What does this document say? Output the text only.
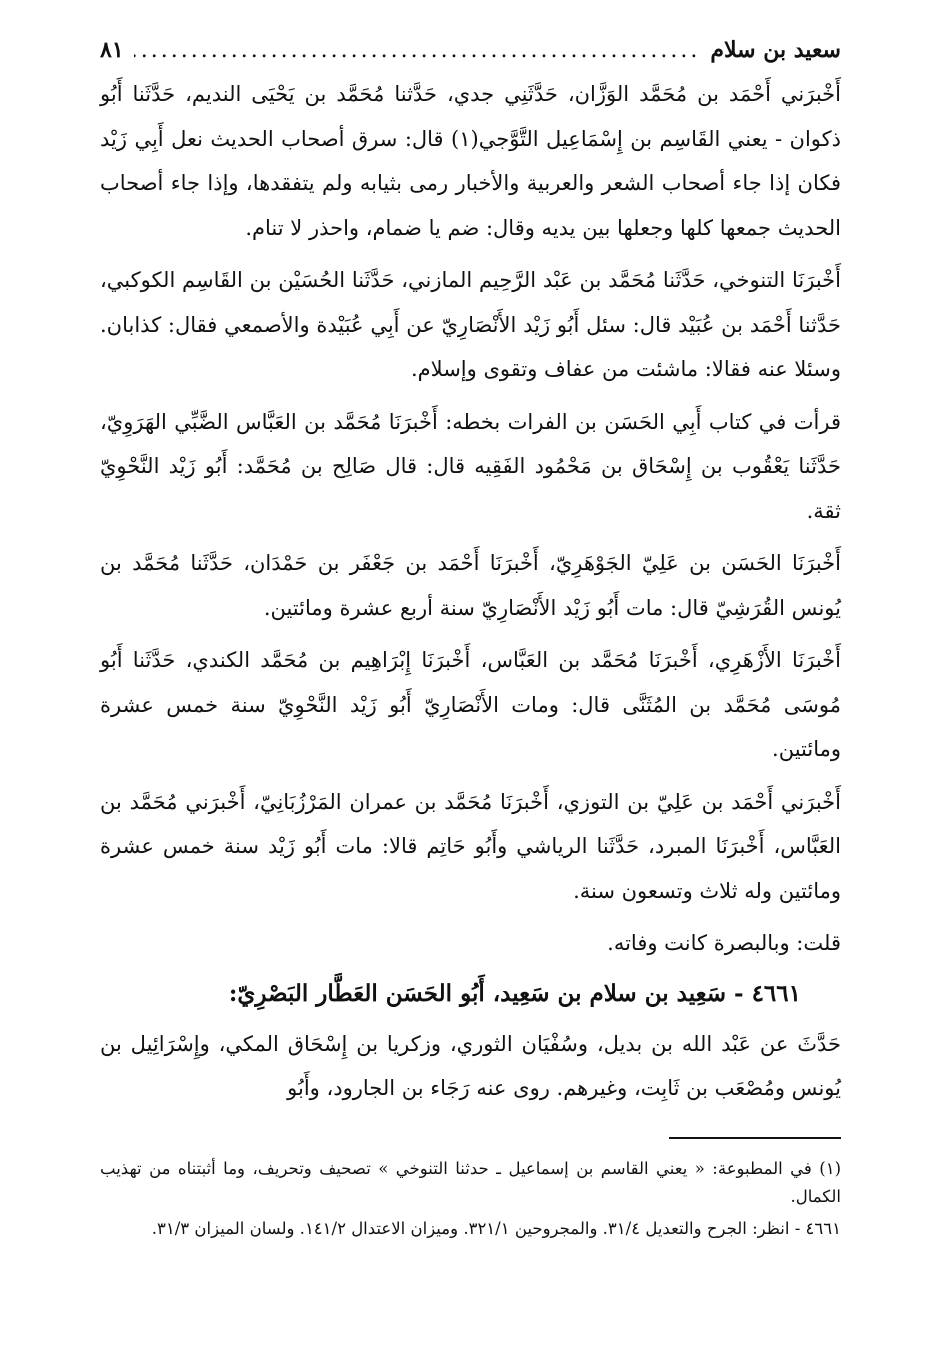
سعيد بن سلام
.....
٨١

أَخْبرَني أَحْمَد بن مُحَمَّد الوَزَّان، حَدَّثَنِي جدي، حَدَّثنا مُحَمَّد بن يَحْيَى النديم، حَدَّثَنا أَبُو ذكوان - يعني القَاسِم بن إِسْمَاعِيل التَّوَّجي(١) قال: سرق أصحاب الحديث نعل أَبِي زَيْد فكان إذا جاء أصحاب الشعر والعربية والأخبار رمى بثيابه ولم يتفقدها، وإذا جاء أصحاب الحديث جمعها كلها وجعلها بين يديه وقال: ضم يا ضمام، واحذر لا تنام.

أَخْبرَنَا التنوخي، حَدَّثَنا مُحَمَّد بن عَبْد الرَّحِيم المازني، حَدَّثَنا الحُسَيْن بن القَاسِم الكوكبي، حَدَّثنا أَحْمَد بن عُبَيْد قال: سئل أَبُو زَيْد الأَنْصَارِيّ عن أَبِي عُبَيْدة والأصمعي فقال: كذابان. وسئلا عنه فقالا: ماشئت من عفاف وتقوى وإسلام.

قرأت في كتاب أَبِي الحَسَن بن الفرات بخطه: أَخْبرَنَا مُحَمَّد بن العَبَّاس الضَّبِّي الهَرَوِيّ، حَدَّثَنا يَعْقُوب بن إِسْحَاق بن مَحْمُود الفَقِيه قال: قال صَالِح بن مُحَمَّد: أَبُو زَيْد النَّحْوِيّ ثقة.

أَخْبرَنَا الحَسَن بن عَلِيّ الجَوْهَرِيّ، أَخْبرَنَا أَحْمَد بن جَعْفَر بن حَمْدَان، حَدَّثَنا مُحَمَّد بن يُونس القُرَشِيّ قال: مات أَبُو زَيْد الأَنْصَارِيّ سنة أربع عشرة ومائتين.

أَخْبرَنَا الأَزْهَرِي، أَخْبرَنَا مُحَمَّد بن العَبَّاس، أَخْبرَنَا إِبْرَاهِيم بن مُحَمَّد الكندي، حَدَّثَنا أَبُو مُوسَى مُحَمَّد بن المُثَنَّى قال: ومات الأَنْصَارِيّ أَبُو زَيْد النَّحْوِيّ سنة خمس عشرة ومائتين.

أَخْبرَني أَحْمَد بن عَلِيّ بن التوزي، أَخْبرَنَا مُحَمَّد بن عمران المَرْزُبَانِيّ، أَخْبرَني مُحَمَّد بن العَبَّاس، أَخْبرَنَا المبرد، حَدَّثَنا الرياشي وأَبُو حَاتِم قالا: مات أَبُو زَيْد سنة خمس عشرة ومائتين وله ثلاث وتسعون سنة.

قلت: وبالبصرة كانت وفاته.

٤٦٦١ - سَعِيد بن سلام بن سَعِيد، أَبُو الحَسَن العَطَّار البَصْرِيّ:

حَدَّثَ عن عَبْد الله بن بديل، وسُفْيَان الثوري، وزكريا بن إِسْحَاق المكي، وإِسْرَائِيل بن يُونس ومُصْعَب بن ثَابِت، وغيرهم. روى عنه رَجَاء بن الجارود، وأَبُو

(١) في المطبوعة: « يعني القاسم بن إسماعيل ـ حدثنا التنوخي » تصحيف وتحريف، وما أثبتناه من تهذيب الكمال.

٤٦٦١ - انظر: الجرح والتعديل ٣١/٤. والمجروحين ٣٢١/١. وميزان الاعتدال ١٤١/٢. ولسان الميزان ٣١/٣.
